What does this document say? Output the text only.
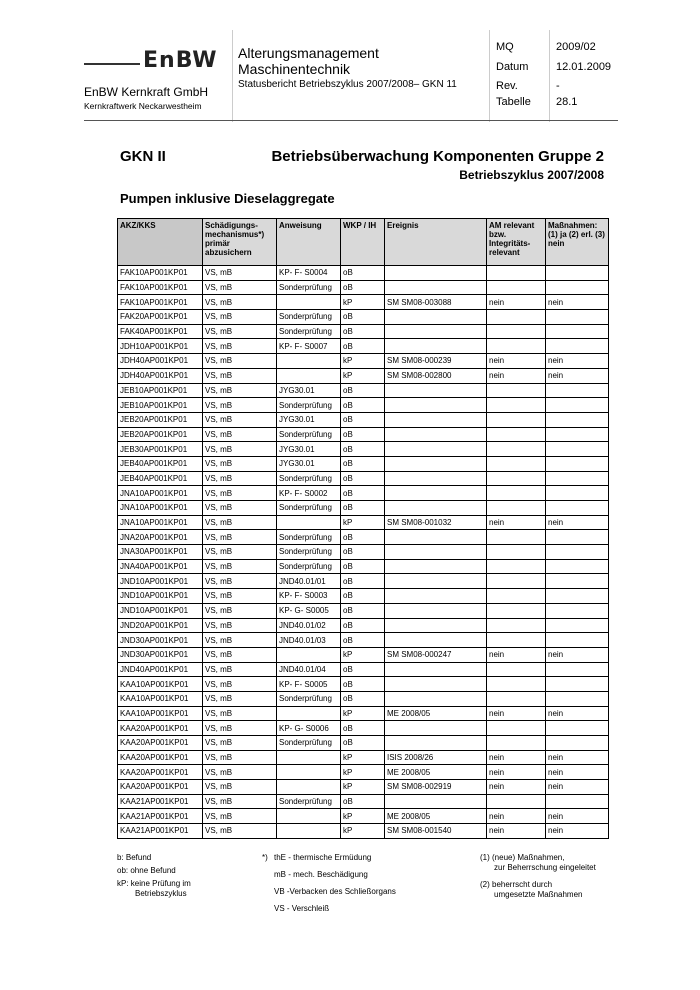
EnBW
EnBW Kernkraft GmbH
Kernkraftwerk Neckarwestheim
Alterungsmanagement
Maschinentechnik
Statusbericht Betriebszyklus 2007/2008– GKN 11
MQ	2009/02
Datum	12.01.2009
Rev.	-
Tabelle 28.1
GKN II	Betriebsüberwachung Komponenten Gruppe 2
Betriebszyklus 2007/2008
Pumpen inklusive Dieselaggregate
AKZ/KKS	Schädigungs-mechanismus*) primär abzusichern	Anweisung	WKP / IH	Ereignis	AM relevant bzw. Integritäts-relevant	Maßnahmen: (1) ja (2) erl. (3) nein
FAK10AP001KP01	VS, mB	KP- F- S0004	oB			
FAK10AP001KP01	VS, mB	Sonderprüfung	oB			
FAK10AP001KP01	VS, mB		kP	SM SM08-003088	nein	nein
FAK20AP001KP01	VS, mB	Sonderprüfung	oB			
FAK40AP001KP01	VS, mB	Sonderprüfung	oB			
JDH10AP001KP01	VS, mB	KP- F- S0007	oB			
JDH40AP001KP01	VS, mB		kP	SM SM08-000239	nein	nein
JDH40AP001KP01	VS, mB		kP	SM SM08-002800	nein	nein
JEB10AP001KP01	VS, mB	JYG30.01	oB			
JEB10AP001KP01	VS, mB	Sonderprüfung	oB			
JEB20AP001KP01	VS, mB	JYG30.01	oB			
JEB20AP001KP01	VS, mB	Sonderprüfung	oB			
JEB30AP001KP01	VS, mB	JYG30.01	oB			
JEB40AP001KP01	VS, mB	JYG30.01	oB			
JEB40AP001KP01	VS, mB	Sonderprüfung	oB			
JNA10AP001KP01	VS, mB	KP- F- S0002	oB			
JNA10AP001KP01	VS, mB	Sonderprüfung	oB			
JNA10AP001KP01	VS, mB		kP	SM SM08-001032	nein	nein
JNA20AP001KP01	VS, mB	Sonderprüfung	oB			
JNA30AP001KP01	VS, mB	Sonderprüfung	oB			
JNA40AP001KP01	VS, mB	Sonderprüfung	oB			
JND10AP001KP01	VS, mB	JND40.01/01	oB			
JND10AP001KP01	VS, mB	KP- F- S0003	oB			
JND10AP001KP01	VS, mB	KP- G- S0005	oB			
JND20AP001KP01	VS, mB	JND40.01/02	oB			
JND30AP001KP01	VS, mB	JND40.01/03	oB			
JND30AP001KP01	VS, mB		kP	SM SM08-000247	nein	nein
JND40AP001KP01	VS, mB	JND40.01/04	oB			
KAA10AP001KP01	VS, mB	KP- F- S0005	oB			
KAA10AP001KP01	VS, mB	Sonderprüfung	oB			
KAA10AP001KP01	VS, mB		kP	ME 2008/05	nein	nein
KAA20AP001KP01	VS, mB	KP- G- S0006	oB			
KAA20AP001KP01	VS, mB	Sonderprüfung	oB			
KAA20AP001KP01	VS, mB		kP	ISIS 2008/26	nein	nein
KAA20AP001KP01	VS, mB		kP	ME 2008/05	nein	nein
KAA20AP001KP01	VS, mB		kP	SM SM08-002919	nein	nein
KAA21AP001KP01	VS, mB	Sonderprüfung	oB			
KAA21AP001KP01	VS, mB		kP	ME 2008/05	nein	nein
KAA21AP001KP01	VS, mB		kP	SM SM08-001540	nein	nein
b: Befund
ob: ohne Befund
kP: keine Prüfung im
Betriebszyklus
*) thE - thermische Ermüdung
mB - mech. Beschädigung
VB -Verbacken des Schließorgans
VS - Verschleiß
(1) (neue) Maßnahmen,
zur Beherrschung eingeleitet
(2) beherrscht durch
umgesetzte Maßnahmen
